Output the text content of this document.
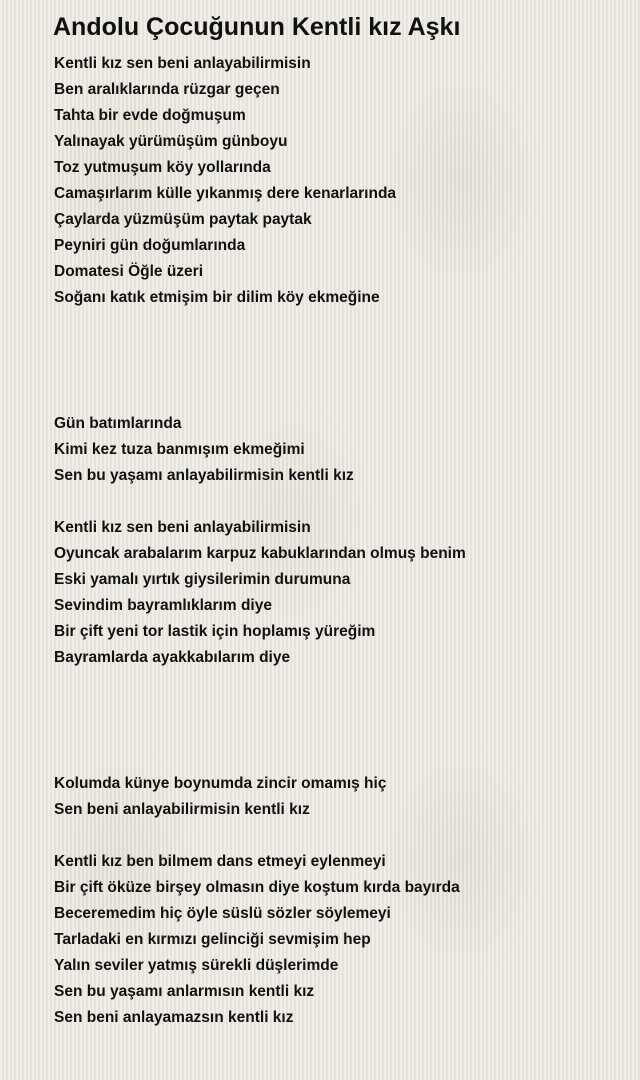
Andolu Çocuğunun Kentli kız Aşkı

Kentli kız sen beni anlayabilirmisin

Ben aralıklarında rüzgar geçen

Tahta bir evde doğmuşum

Yalınayak yürümüşüm günboyu

Toz yutmuşum köy yollarında

Camaşırlarım külle yıkanmış dere kenarlarında

Çaylarda yüzmüşüm paytak paytak

Peyniri gün doğumlarında

Domatesi Öğle üzeri

Soğanı katık etmişim bir dilim köy ekmeğine

Gün batımlarında

Kimi kez tuza banmışım ekmeğimi

Sen bu yaşamı anlayabilirmisin kentli kız

Kentli kız sen beni anlayabilirmisin

Oyuncak arabalarım karpuz kabuklarından olmuş benim

Eski yamalı yırtık giysilerimin durumuna

Sevindim bayramlıklarım diye

Bir çift yeni tor lastik için hoplamış yüreğim

Bayramlarda ayakkabılarım diye

Kolumda künye boynumda zincir omamış hiç

Sen beni anlayabilirmisin kentli kız

Kentli kız ben bilmem dans etmeyi eylenmeyi

Bir çift öküze birşey olmasın diye koştum kırda bayırda

Beceremedim hiç öyle süslü sözler söylemeyi

Tarladaki en kırmızı gelinciği sevmişim hep

Yalın seviler yatmış sürekli düşlerimde

Sen bu yaşamı anlarmısın kentli kız

Sen beni anlayamazsın kentli kız
